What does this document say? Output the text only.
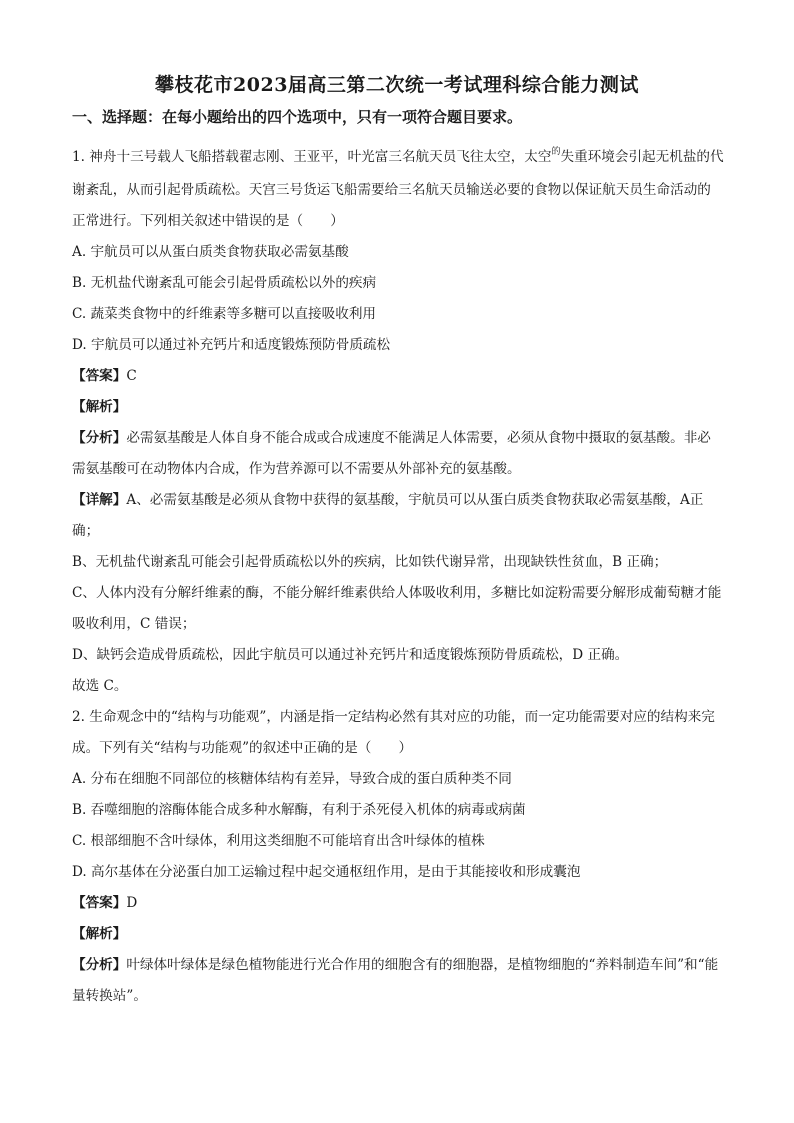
攀枝花市2023届高三第二次统一考试理科综合能力测试
一、选择题：在每小题给出的四个选项中，只有一项符合题目要求。

1. 神舟十三号载人飞船搭载翟志刚、王亚平，叶光富三名航天员飞往太空，太空$^的$失重环境会引起无机盐的代谢紊乱，从而引起骨质疏松。天宫三号货运飞船需要给三名航天员输送必要的食物以保证航天员生命活动的正常进行。下列相关叙述中错误的是（　　）

A. 宇航员可以从蛋白质类食物获取必需氨基酸

B. 无机盐代谢紊乱可能会引起骨质疏松以外的疾病

C. 蔬菜类食物中的纤维素等多糖可以直接吸收利用

D. 宇航员可以通过补充钙片和适度锻炼预防骨质疏松

【答案】C

【解析】

【分析】必需氨基酸是人体自身不能合成或合成速度不能满足人体需要，必须从食物中摄取的氨基酸。非必需氨基酸可在动物体内合成，作为营养源可以不需要从外部补充的氨基酸。

【详解】A、必需氨基酸是必须从食物中获得的氨基酸，宇航员可以从蛋白质类食物获取必需氨基酸，A正确；

B、无机盐代谢紊乱可能会引起骨质疏松以外的疾病，比如铁代谢异常，出现缺铁性贫血，B 正确；

C、人体内没有分解纤维素的酶，不能分解纤维素供给人体吸收利用，多糖比如淀粉需要分解形成葡萄糖才能吸收利用，C 错误；

D、缺钙会造成骨质疏松，因此宇航员可以通过补充钙片和适度锻炼预防骨质疏松，D 正确。

故选 C。

2. 生命观念中的“结构与功能观”，内涵是指一定结构必然有其对应的功能，而一定功能需要对应的结构来完成。下列有关“结构与功能观”的叙述中正确的是（　　）

A. 分布在细胞不同部位的核糖体结构有差异，导致合成的蛋白质种类不同

B. 吞噬细胞的溶酶体能合成多种水解酶，有利于杀死侵入机体的病毒或病菌

C. 根部细胞不含叶绿体，利用这类细胞不可能培育出含叶绿体的植株

D. 高尔基体在分泌蛋白加工运输过程中起交通枢纽作用，是由于其能接收和形成囊泡

【答案】D

【解析】

【分析】叶绿体叶绿体是绿色植物能进行光合作用的细胞含有的细胞器，是植物细胞的“养料制造车间”和“能量转换站”。
